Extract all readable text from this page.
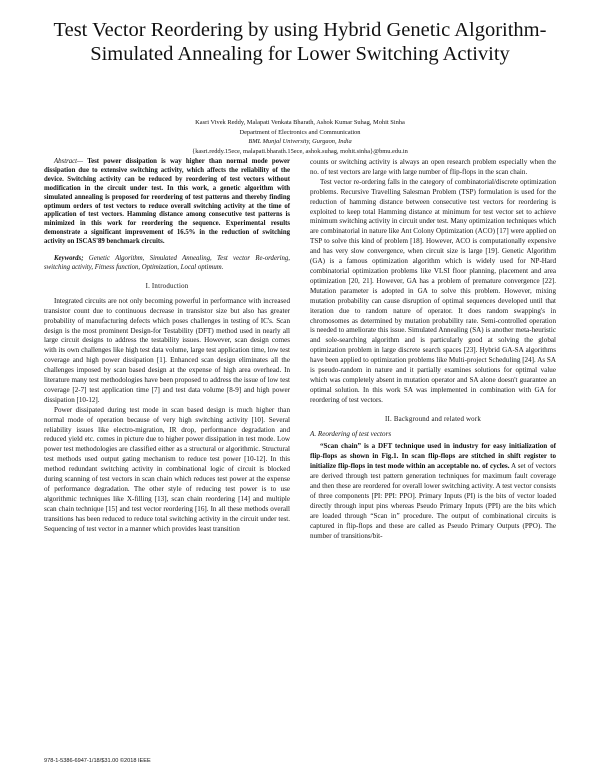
Test Vector Reordering by using Hybrid Genetic Algorithm-Simulated Annealing for Lower Switching Activity
Kasri Vivek Reddy, Malapati Venkata Bharath, Ashok Kumar Suhag, Mohit Sinha
Department of Electronics and Communication
BML Munjal University, Gurgaon, India
{kasri.reddy.15ece, malapati.bharath.15ece, ashok.suhag, mohit.sinha}@bmu.edu.in

Abstract— Test power dissipation is way higher than normal mode power dissipation due to extensive switching activity, which affects the reliability of the device. Switching activity can be reduced by reordering of test vectors without modification in the circuit under test. In this work, a genetic algorithm with simulated annealing is proposed for reordering of test patterns and thereby finding optimum orders of test vectors to reduce overall switching activity at the time of application of test vectors. Hamming distance among consecutive test patterns is minimized in this work for reordering the sequence. Experimental results demonstrate a significant improvement of 16.5% in the reduction of switching activity on ISCAS'89 benchmark circuits.

Keywords; Genetic Algorithm, Simulated Annealing, Test vector Re-ordering, switching activity, Fitness function, Optimization, Local optimum.

I. Introduction

Integrated circuits are not only becoming powerful in performance with increased transistor count due to continuous decrease in transistor size but also has greater probability of manufacturing defects which poses challenges in testing of IC's. Scan design is the most prominent Design-for Testability (DFT) method used in nearly all large circuit designs to address the testability issues. However, scan design comes with its own challenges like high test data volume, large test application time, low test coverage and high power dissipation [1]. Enhanced scan design eliminates all the challenges imposed by scan based design at the expense of high area overhead. In literature many test methodologies have been proposed to address the issue of low test coverage [2-7] test application time [7] and test data volume [8-9] and high power dissipation [10-12].

Power dissipated during test mode in scan based design is much higher than normal mode of operation because of very high switching activity [10]. Several reliability issues like electro-migration, IR drop, performance degradation and reduced yield etc. comes in picture due to higher power dissipation in test mode. Low power test methodologies are classified either as a structural or algorithmic. Structural test methods used output gating mechanism to reduce test power [10-12]. In this method redundant switching activity in combinational logic of circuit is blocked during scanning of test vectors in scan chain which reduces test power at the expense of performance degradation. The other style of reducing test power is to use algorithmic techniques like X-filling [13], scan chain reordering [14] and multiple scan chain technique [15] and test vector reordering [16]. In all these methods overall transitions has been reduced to reduce total switching activity in the circuit under test. Sequencing of test vector in a manner which provides least transition

counts or switching activity is always an open research problem especially when the no. of test vectors are large with large number of flip-flops in the scan chain.

Test vector re-ordering falls in the category of combinatorial/discrete optimization problems. Recursive Travelling Salesman Problem (TSP) formulation is used for the reduction of hamming distance between consecutive test vectors for reordering is exploited to keep total Hamming distance at minimum for test vector set to achieve minimum switching activity in circuit under test. Many optimization techniques which are combinatorial in nature like Ant Colony Optimization (ACO) [17] were applied on TSP to solve this kind of problem [18]. However, ACO is computationally expensive and has very slow convergence, when circuit size is large [19]. Genetic Algorithm (GA) is a famous optimization algorithm which is widely used for NP-Hard combinatorial optimization problems like VLSI floor planning, placement and area optimization [20, 21]. However, GA has a problem of premature convergence [22]. Mutation parameter is adopted in GA to solve this problem. However, mixing mutation probability can cause disruption of optimal sequences developed until that iteration due to random nature of operator. It does random swapping's in chromosomes as determined by mutation probability rate. Semi-controlled operation is needed to ameliorate this issue. Simulated Annealing (SA) is another meta-heuristic and sole-searching algorithm and is particularly good at solving the global optimization problem in large discrete search spaces [23]. Hybrid GA-SA algorithms have been applied to optimization problems like Multi-project Scheduling [24]. As SA is pseudo-random in nature and it partially examines solutions for optimal value which was completely absent in mutation operator and SA alone doesn't guarantee an optimal solution. In this work SA was implemented in combination with GA for reordering of test vectors.

II. Background and related work
A. Reordering of test vectors

“Scan chain” is a DFT technique used in industry for easy initialization of flip-flops as shown in Fig.1. In scan flip-flops are stitched in shift register to initialize flip-flops in test mode within an acceptable no. of cycles. A set of vectors are derived through test pattern generation techniques for maximum fault coverage and then these are reordered for overall lower switching activity. A test vector consists of three components [PI: PPI: PPO]. Primary Inputs (PI) is the bits of vector loaded directly through input pins whereas Pseudo Primary Inputs (PPI) are the bits which are loaded through “Scan in” procedure. The output of combinational circuits is captured in flip-flops and these are called as Pseudo Primary Outputs (PPO). The number of transitions/bit-

978-1-5386-6947-1/18/$31.00 ©2018 IEEE
